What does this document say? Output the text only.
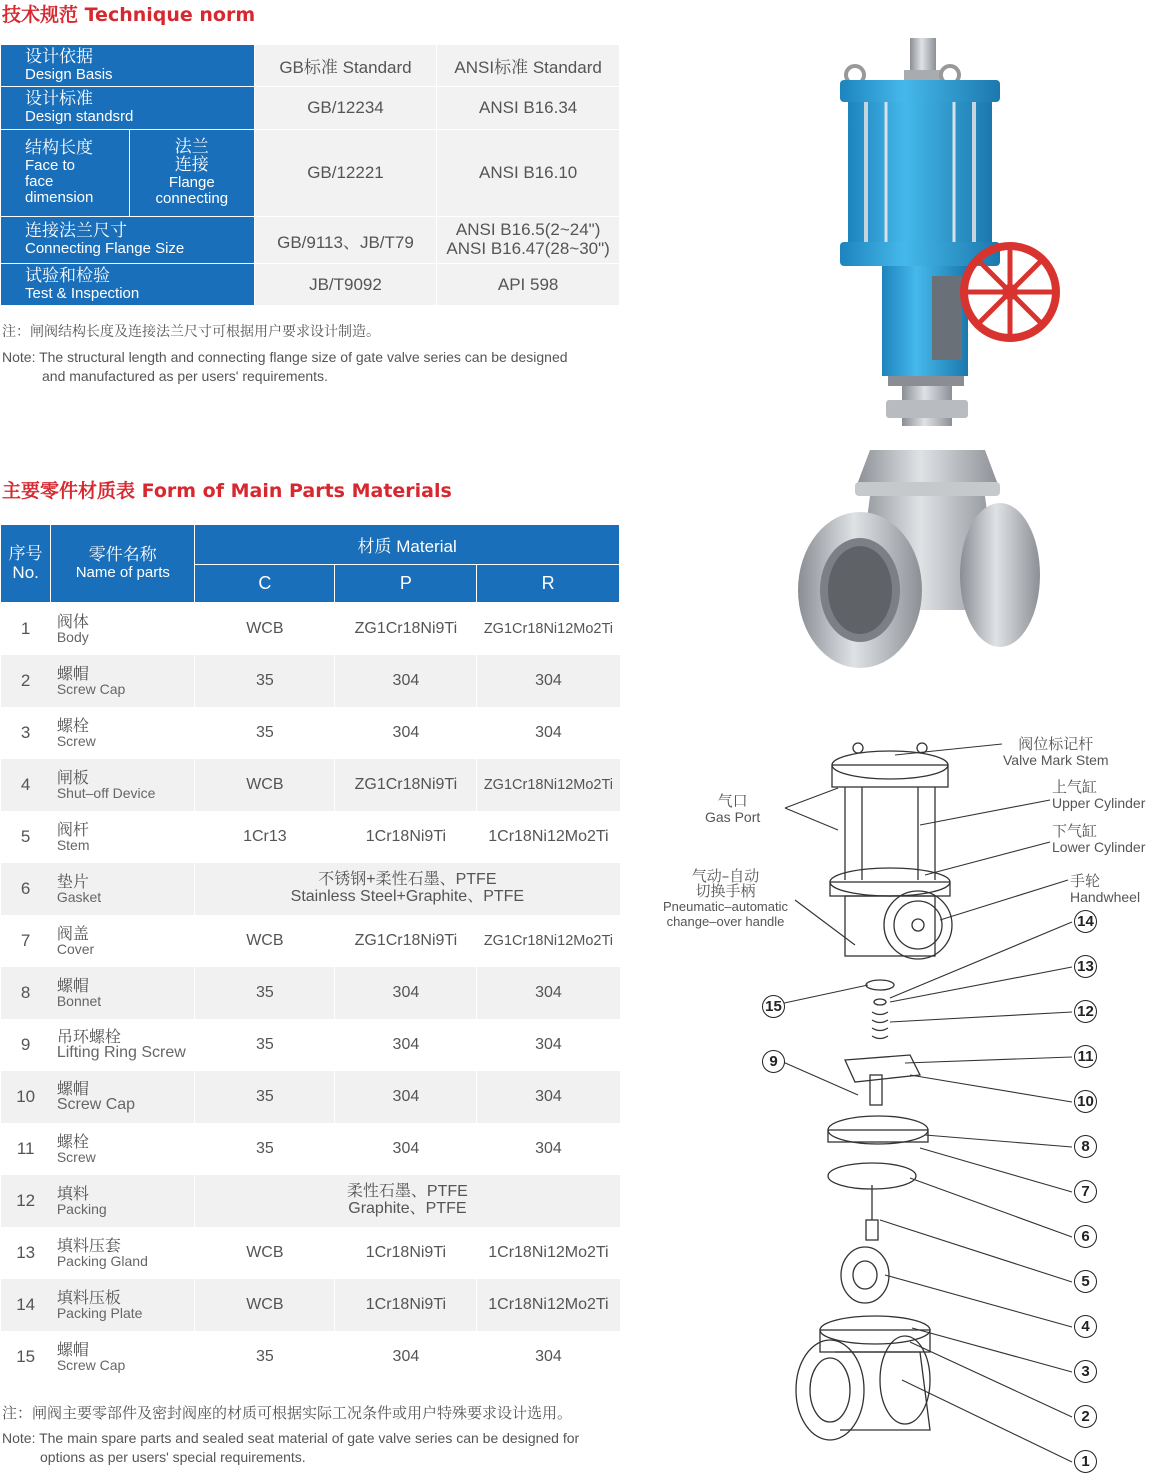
技术规范 Technique norm
设计依据
Design Basis		GB标准 Standard	ANSI标准 Standard

设计标准
Design standsrd		GB/12234	ANSI B16.34

结构长度
Face to face dimension	法兰连接
Flange connecting	GB/12221	ANSI B16.10

连接法兰尺寸
Connecting Flange Size		GB/9113、JB/T79	ANSI B16.5(2~24")
ANSI B16.47(28~30")

试验和检验
Test & Inspection		JB/T9092	API 598

注：闸阀结构长度及连接法兰尺寸可根据用户要求设计制造。

Note: The structural length and connecting flange size of gate valve series can be designed

and manufactured as per users' requirements.

主要零件材质表 Form of Main Parts Materials
序号
No.	零件名称
Name of parts	材质 Material		
		C	P	R
1	阀体
Body	WCB	ZG1Cr18Ni9Ti	ZG1Cr18Ni12Mo2Ti
2	螺帽
Screw Cap	35	304	304
3	螺栓
Screw	35	304	304
4	闸板
Shut–off Device	WCB	ZG1Cr18Ni9Ti	ZG1Cr18Ni12Mo2Ti
5	阀杆
Stem	1Cr13	1Cr18Ni9Ti	1Cr18Ni12Mo2Ti
6	垫片
Gasket	不锈钢+柔性石墨、PTFE
Stainless Steel+Graphite、PTFE		

7	阀盖
Cover	WCB	ZG1Cr18Ni9Ti	ZG1Cr18Ni12Mo2Ti
8	螺帽
Bonnet	35	304	304
9	吊环螺栓
Lifting Ring Screw	35	304	304
10	螺帽
Screw Cap	35	304	304
11	螺栓
Screw	35	304	304
12	填料
Packing	柔性石墨、PTFE
Graphite、PTFE		

13	填料压套
Packing Gland	WCB	1Cr18Ni9Ti	1Cr18Ni12Mo2Ti
14	填料压板
Packing Plate	WCB	1Cr18Ni9Ti	1Cr18Ni12Mo2Ti
15	螺帽
Screw Cap	35	304	304

注：闸阀主要零部件及密封阀座的材质可根据实际工况条件或用户特殊要求设计选用。

Note: The main spare parts and sealed seat material of gate valve series can be designed for

options as per users' special requirements.

阀位标记杆
Valve Mark Stem
上气缸
Upper Cylinder
下气缸
Lower Cylinder
手轮
Handwheel
气口
Gas Port
气动–自动
切换手柄
Pneumatic–automatic
change–over handle	14
13
12
11
10
8
7
6
5
4
3
2
1
15
9
